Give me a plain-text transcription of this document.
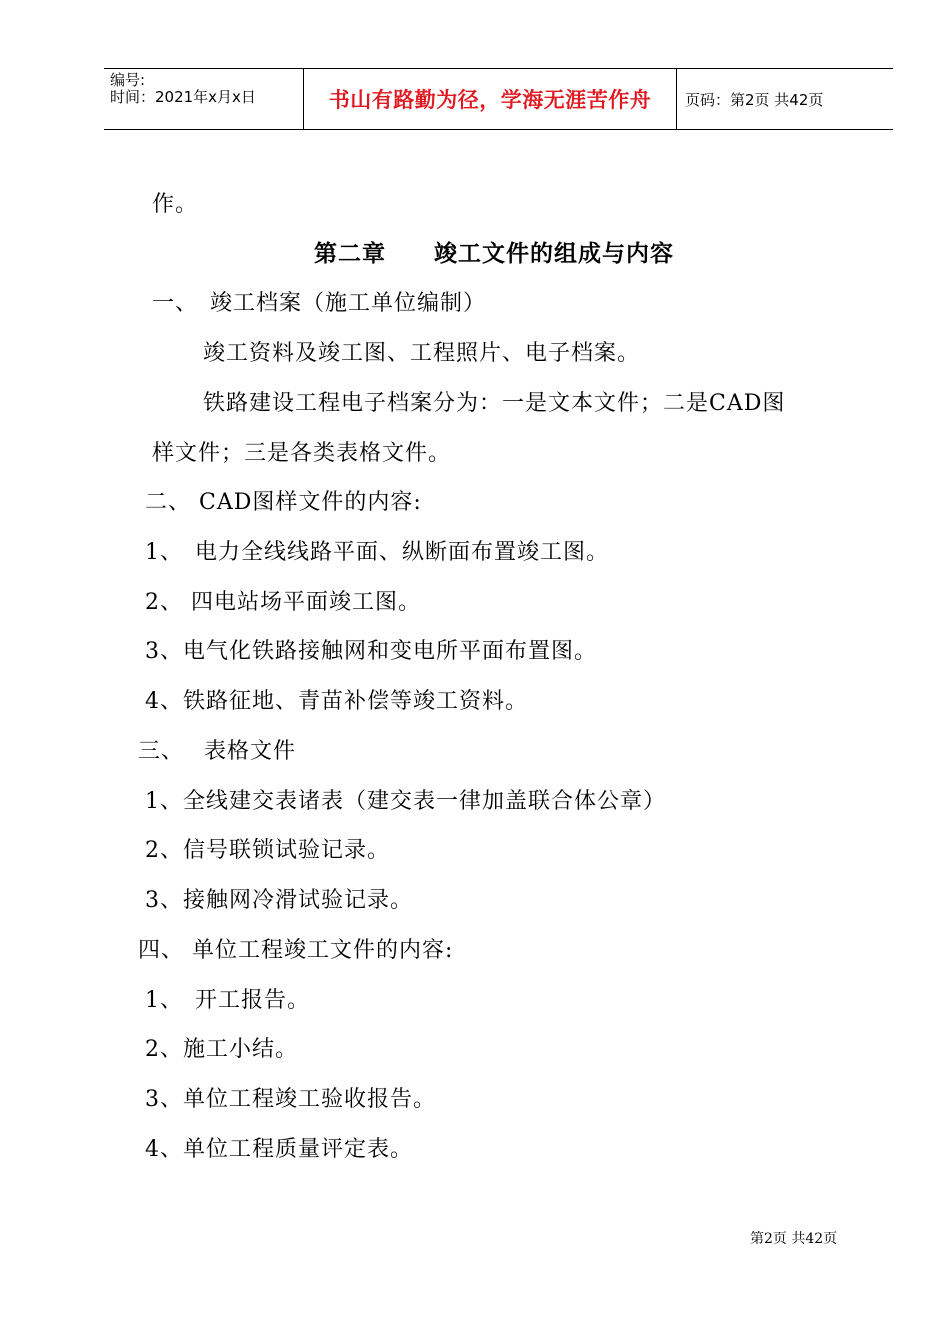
编号:
时间：2021年x月x日	书山有路勤为径，学海无涯苦作舟	页码：第2页 共42页
作。
第二章　　竣工文件的组成与内容
一、　竣工档案（施工单位编制）
竣工资料及竣工图、工程照片、电子档案。
铁路建设工程电子档案分为：一是文本文件；二是CAD图
样文件；三是各类表格文件。
二、 CAD图样文件的内容:
1、　电力全线线路平面、纵断面布置竣工图。
2、 四电站场平面竣工图。
3、电气化铁路接触网和变电所平面布置图。
4、铁路征地、青苗补偿等竣工资料。
三、　 表格文件
1、全线建交表诸表（建交表一律加盖联合体公章）
2、信号联锁试验记录。
3、接触网冷滑试验记录。
四、 单位工程竣工文件的内容:
1、　开工报告。
2、施工小结。
3、单位工程竣工验收报告。
4、单位工程质量评定表。
第2页 共42页
